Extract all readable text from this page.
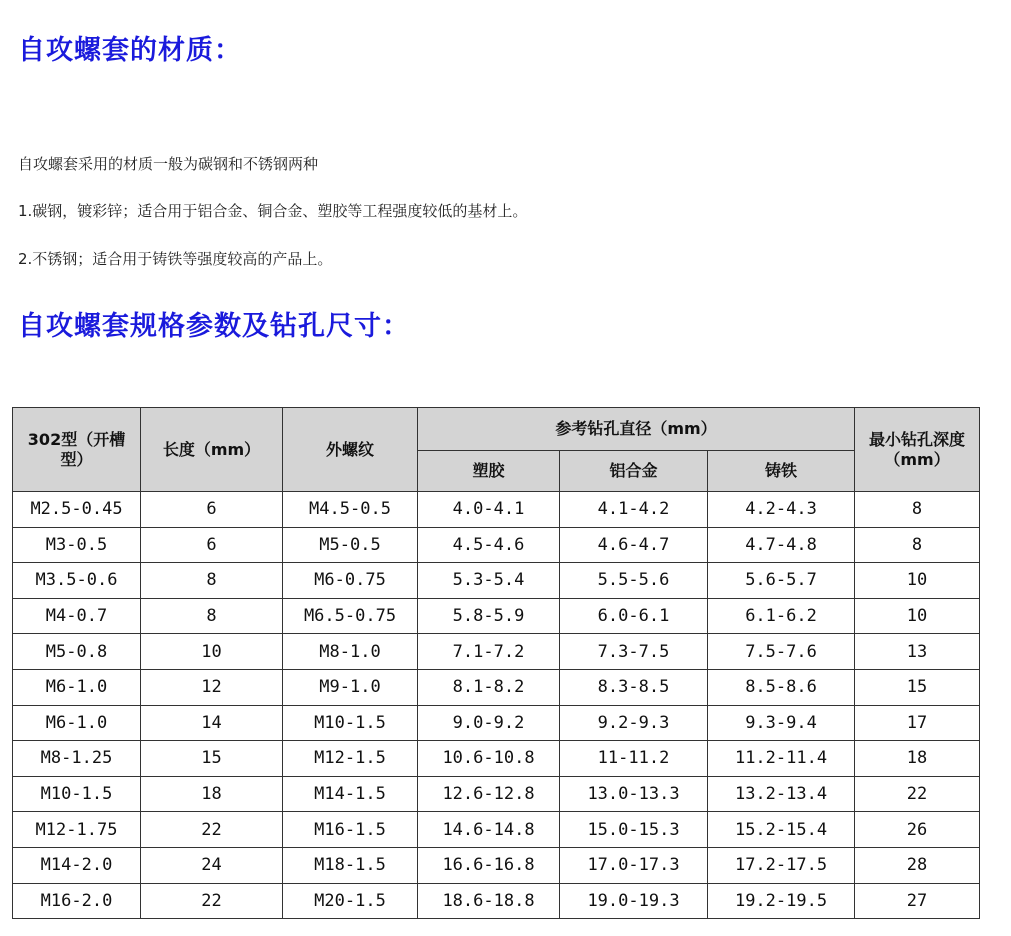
自攻螺套的材质：

自攻螺套采用的材质一般为碳钢和不锈钢两种

1.碳钢，镀彩锌；适合用于铝合金、铜合金、塑胶等工程强度较低的基材上。

2.不锈钢；适合用于铸铁等强度较高的产品上。

自攻螺套规格参数及钻孔尺寸：
302型（开槽型）	长度（mm）	外螺纹	参考钻孔直径（mm）			最小钻孔深度（mm）
			塑胶	铝合金	铸铁	
M2.5-0.45	6	M4.5-0.5	4.0-4.1	4.1-4.2	4.2-4.3	8
M3-0.5	6	M5-0.5	4.5-4.6	4.6-4.7	4.7-4.8	8
M3.5-0.6	8	M6-0.75	5.3-5.4	5.5-5.6	5.6-5.7	10
M4-0.7	8	M6.5-0.75	5.8-5.9	6.0-6.1	6.1-6.2	10
M5-0.8	10	M8-1.0	7.1-7.2	7.3-7.5	7.5-7.6	13
M6-1.0	12	M9-1.0	8.1-8.2	8.3-8.5	8.5-8.6	15
M6-1.0	14	M10-1.5	9.0-9.2	9.2-9.3	9.3-9.4	17
M8-1.25	15	M12-1.5	10.6-10.8	11-11.2	11.2-11.4	18
M10-1.5	18	M14-1.5	12.6-12.8	13.0-13.3	13.2-13.4	22
M12-1.75	22	M16-1.5	14.6-14.8	15.0-15.3	15.2-15.4	26
M14-2.0	24	M18-1.5	16.6-16.8	17.0-17.3	17.2-17.5	28
M16-2.0	22	M20-1.5	18.6-18.8	19.0-19.3	19.2-19.5	27
